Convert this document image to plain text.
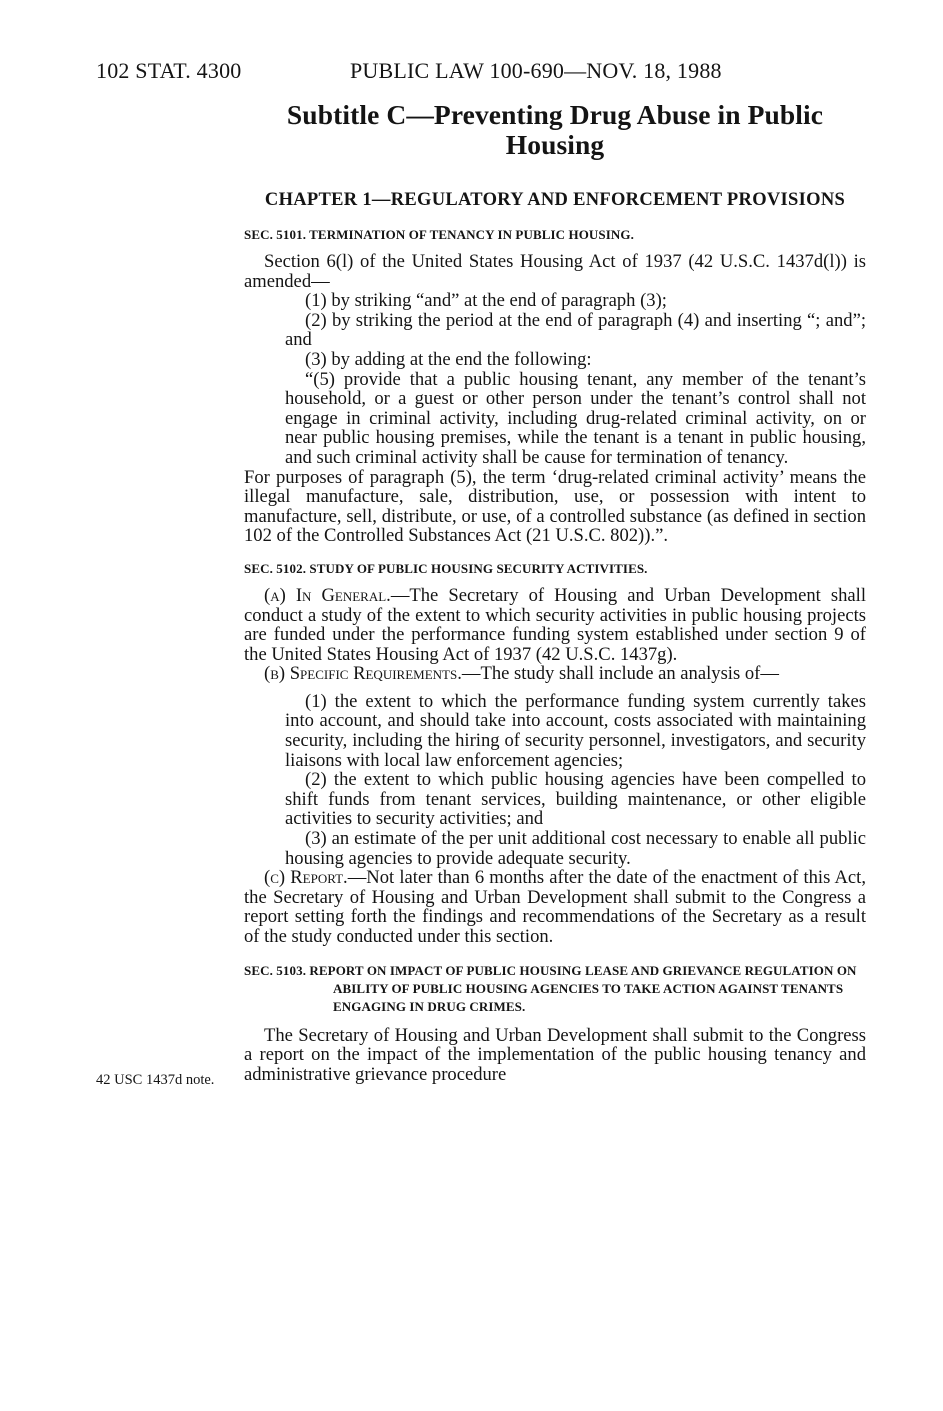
102 STAT. 4300	PUBLIC LAW 100-690—NOV. 18, 1988
42 USC 1437d note.
Subtitle C—Preventing Drug Abuse in Public Housing
CHAPTER 1—REGULATORY AND ENFORCEMENT PROVISIONS
SEC. 5101. TERMINATION OF TENANCY IN PUBLIC HOUSING.

Section 6(l) of the United States Housing Act of 1937 (42 U.S.C. 1437d(l)) is amended—

(1) by striking “and” at the end of paragraph (3);

(2) by striking the period at the end of paragraph (4) and inserting “; and”; and

(3) by adding at the end the following:

“(5) provide that a public housing tenant, any member of the tenant’s household, or a guest or other person under the tenant’s control shall not engage in criminal activity, including drug-related criminal activity, on or near public housing premises, while the tenant is a tenant in public housing, and such criminal activity shall be cause for termination of tenancy.

For purposes of paragraph (5), the term ‘drug-related criminal activity’ means the illegal manufacture, sale, distribution, use, or possession with intent to manufacture, sell, distribute, or use, of a controlled substance (as defined in section 102 of the Controlled Substances Act (21 U.S.C. 802)).”.

SEC. 5102. STUDY OF PUBLIC HOUSING SECURITY ACTIVITIES.

(a) In General.—The Secretary of Housing and Urban Development shall conduct a study of the extent to which security activities in public housing projects are funded under the performance funding system established under section 9 of the United States Housing Act of 1937 (42 U.S.C. 1437g).

(b) Specific Requirements.—The study shall include an analysis of—

(1) the extent to which the performance funding system currently takes into account, and should take into account, costs associated with maintaining security, including the hiring of security personnel, investigators, and security liaisons with local law enforcement agencies;

(2) the extent to which public housing agencies have been compelled to shift funds from tenant services, building maintenance, or other eligible activities to security activities; and

(3) an estimate of the per unit additional cost necessary to enable all public housing agencies to provide adequate security.

(c) Report.—Not later than 6 months after the date of the enactment of this Act, the Secretary of Housing and Urban Development shall submit to the Congress a report setting forth the findings and recommendations of the Secretary as a result of the study conducted under this section.

SEC. 5103. REPORT ON IMPACT OF PUBLIC HOUSING LEASE AND GRIEVANCE REGULATION ON ABILITY OF PUBLIC HOUSING AGENCIES TO TAKE ACTION AGAINST TENANTS ENGAGING IN DRUG CRIMES.

The Secretary of Housing and Urban Development shall submit to the Congress a report on the impact of the implementation of the public housing tenancy and administrative grievance procedure
